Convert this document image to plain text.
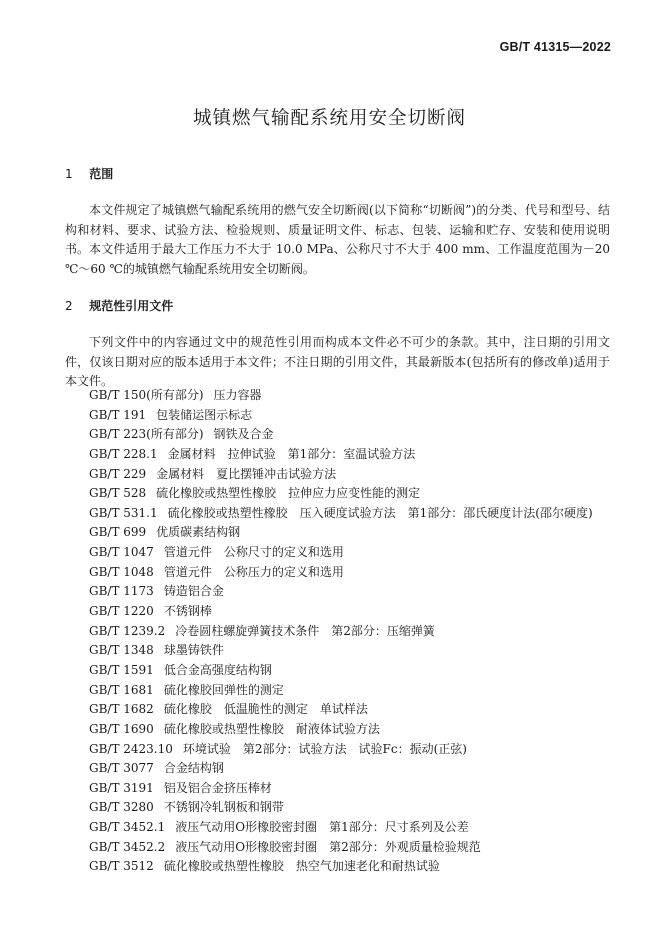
GB/T 41315—2022
城镇燃气输配系统用安全切断阀
1 范围
本文件规定了城镇燃气输配系统用的燃气安全切断阀(以下简称“切断阀”)的分类、代号和型号、结构和材料、要求、试验方法、检验规则、质量证明文件、标志、包装、运输和贮存、安装和使用说明书。 本文件适用于最大工作压力不大于 10.0 MPa、公称尺寸不大于 400 mm、工作温度范围为－20 ℃～60 ℃的城镇燃气输配系统用安全切断阀。
2 规范性引用文件
下列文件中的内容通过文中的规范性引用而构成本文件必不可少的条款。其中，注日期的引用文件，仅该日期对应的版本适用于本文件；不注日期的引用文件，其最新版本(包括所有的修改单)适用于本文件。
GB/T 150(所有部分) 压力容器
GB/T 191 包装储运图示标志
GB/T 223(所有部分) 钢铁及合金
GB/T 228.1 金属材料　拉伸试验　第1部分：室温试验方法
GB/T 229 金属材料　夏比摆锤冲击试验方法
GB/T 528 硫化橡胶或热塑性橡胶　拉伸应力应变性能的测定
GB/T 531.1 硫化橡胶或热塑性橡胶　压入硬度试验方法　第1部分：邵氏硬度计法(邵尔硬度)
GB/T 699 优质碳素结构钢
GB/T 1047 管道元件　公称尺寸的定义和选用
GB/T 1048 管道元件　公称压力的定义和选用
GB/T 1173 铸造铝合金
GB/T 1220 不锈钢棒
GB/T 1239.2 冷卷圆柱螺旋弹簧技术条件　第2部分：压缩弹簧
GB/T 1348 球墨铸铁件
GB/T 1591 低合金高强度结构钢
GB/T 1681 硫化橡胶回弹性的测定
GB/T 1682 硫化橡胶　低温脆性的测定　单试样法
GB/T 1690 硫化橡胶或热塑性橡胶　耐液体试验方法
GB/T 2423.10 环境试验　第2部分：试验方法　试验Fc：振动(正弦)
GB/T 3077 合金结构钢
GB/T 3191 铝及铝合金挤压棒材
GB/T 3280 不锈钢冷轧钢板和钢带
GB/T 3452.1 液压气动用O形橡胶密封圈　第1部分：尺寸系列及公差
GB/T 3452.2 液压气动用O形橡胶密封圈　第2部分：外观质量检验规范
GB/T 3512 硫化橡胶或热塑性橡胶　热空气加速老化和耐热试验
